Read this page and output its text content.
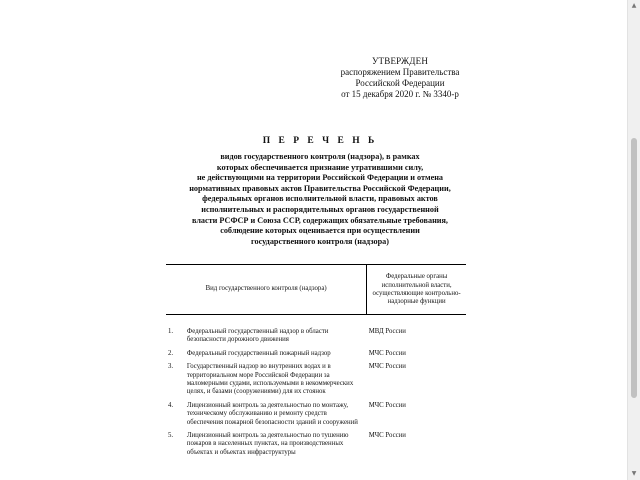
УТВЕРЖДЕН
распоряжением Правительства
Российской Федерации
от 15 декабря 2020 г. № 3340-р
П Е Р Е Ч Е Н Ь
видов государственного контроля (надзора), в рамках
которых обеспечивается признание утратившими силу,
не действующими на территории Российской Федерации и отмена
нормативных правовых актов Правительства Российской Федерации,
федеральных органов исполнительной власти, правовых актов
исполнительных и распорядительных органов государственной
власти РСФСР и Союза ССР, содержащих обязательные требования,
соблюдение которых оценивается при осуществлении
государственного контроля (надзора)
Вид государственного контроля (надзора)		Федеральные органы исполнительной власти, осуществляющие контрольно-надзорные функции

1.	Федеральный государственный надзор в области безопасности дорожного движения	МВД России
2.	Федеральный государственный пожарный надзор	МЧС России
3.	Государственный надзор во внутренних водах и в территориальном море Российской Федерации за маломерными судами, используемыми в некоммерческих целях, и базами (сооружениями) для их стоянок	МЧС России
4.	Лицензионный контроль за деятельностью по монтажу, техническому обслуживанию и ремонту средств обеспечения пожарной безопасности зданий и сооружений	МЧС России
5.	Лицензионный контроль за деятельностью по тушению пожаров в населенных пунктах, на производственных объектах и объектах инфраструктуры	МЧС России
▲
▼
